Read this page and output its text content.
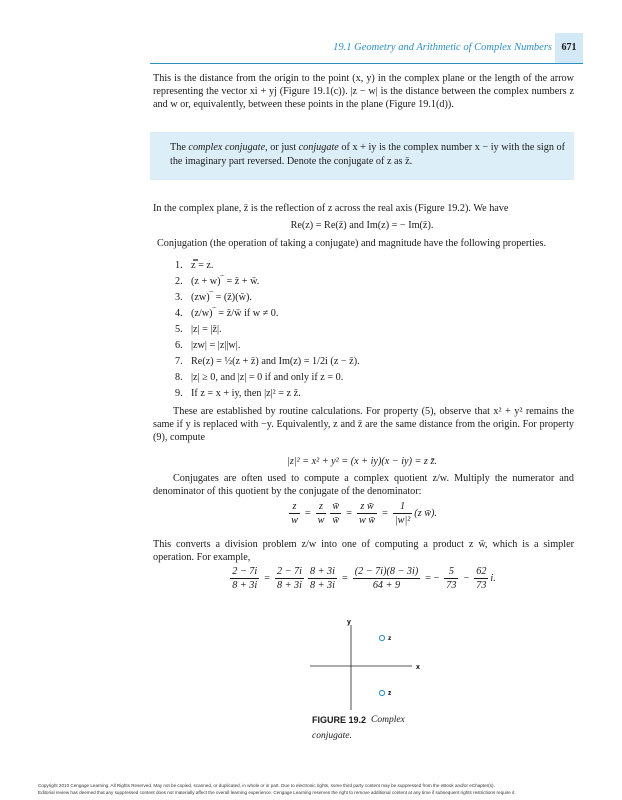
19.1 Geometry and Arithmetic of Complex Numbers 671
This is the distance from the origin to the point (x, y) in the complex plane or the length of the arrow representing the vector xi + yj (Figure 19.1(c)). |z − w| is the distance between the complex numbers z and w or, equivalently, between these points in the plane (Figure 19.1(d)).
The complex conjugate, or just conjugate of x + iy is the complex number x − iy with the sign of the imaginary part reversed. Denote the conjugate of z as z̄.
In the complex plane, z̄ is the reflection of z across the real axis (Figure 19.2). We have
Re(z) = Re(z̄) and Im(z) = − Im(z̄).
Conjugation (the operation of taking a conjugate) and magnitude have the following properties.
1. z̿ = z.
2. (z + w)‾ = z̄ + w̄.
3. (zw)‾ = (z̄)(w̄).
4. (z/w)‾ = z̄/w̄ if w ≠ 0.
5. |z| = |z̄|.
6. |zw| = |z||w|.
7. Re(z) = ½(z + z̄) and Im(z) = 1/2i (z − z̄).
8. |z| ≥ 0, and |z| = 0 if and only if z = 0.
9. If z = x + iy, then |z|² = z z̄.
These are established by routine calculations. For property (5), observe that x² + y² remains the same if y is replaced with −y. Equivalently, z and z̄ are the same distance from the origin. For property (9), compute
|z|² = x² + y² = (x + iy)(x − iy) = z z̄.
Conjugates are often used to compute a complex quotient z/w. Multiply the numerator and denominator of this quotient by the conjugate of the denominator:
$\frac{z}{w} = \frac{z}{w} \frac{w̄}{w̄} = \frac{\text{z w̄}}{\text{w w̄}} = \frac{1}{\text{|w|²}} (z$ w̄).
This converts a division problem z/w into one of computing a product z w̄, which is a simpler operation. For example,
$\frac{2 - 7i}{8 + 3i} = \frac{2 - 7i}{8 + 3i} \frac{8 + 3i}{8 + 3i} = \frac{(2 - 7i)(8 - 3i)}{64 + 9}$ = − $\frac{5}{73} - \frac{62}{73} i$.
y
x
z
z̄
FIGURE 19.2 Complex
conjugate.
Copyright 2010 Cengage Learning. All Rights Reserved. May not be copied, scanned, or duplicated, in whole or in part. Due to electronic rights, some third party content may be suppressed from the eBook and/or eChapter(s).
Editorial review has deemed that any suppressed content does not materially affect the overall learning experience. Cengage Learning reserves the right to remove additional content at any time if subsequent rights restrictions require it.
